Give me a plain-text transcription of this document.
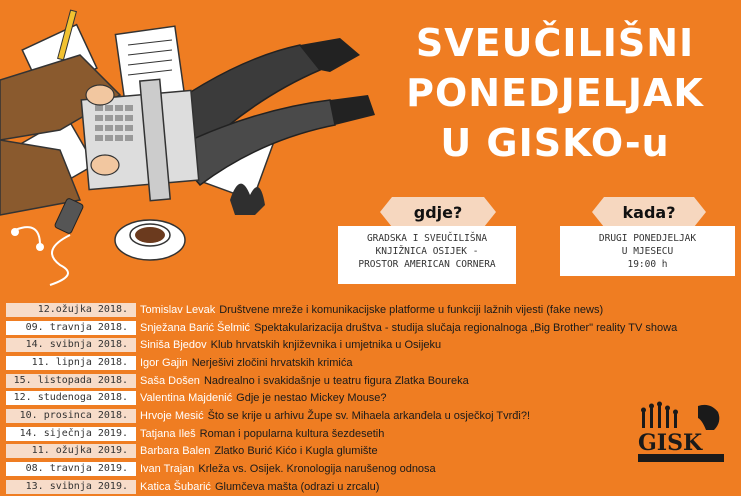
SVEUČILIŠNI
PONEDJELJAK
U GISKO-u
gdje?
GRADSKA I SVEUČILIŠNA
KNJIŽNICA OSIJEK -
PROSTOR AMERICAN CORNERA
kada?
DRUGI PONEDJELJAK
U MJESECU
19:00 h
12.ožujka 2018.	Tomislav Levak Društvene mreže i komunikacijske platforme u funkciji lažnih vijesti (fake news)
09. travnja 2018.	Snježana Barić Šelmić Spektakularizacija društva - studija slučaja regionalnoga „Big Brother" reality TV showa
14. svibnja 2018.	Siniša Bjedov Klub hrvatskih književnika i umjetnika u Osijeku
11. lipnja 2018.	Igor Gajin Nerješivi zločini hrvatskih krimića
15. listopada 2018.	Saša Došen Nadrealno i svakidašnje u teatru figura Zlatka Boureka
12. studenoga 2018.	Valentina Majdenić Gdje je nestao Mickey Mouse?
10. prosinca 2018.	Hrvoje Mesić Što se krije u arhivu Župe sv. Mihaela arkanđela u osječkoj Tvrđi?!
14. siječnja 2019.	Tatjana Ileš Roman i popularna kultura šezdesetih
11. ožujka 2019.	Barbara Balen Zlatko Burić Kićo i Kugla glumište
08. travnja 2019.	Ivan Trajan Krleža vs. Osijek. Kronologija narušenog odnosa
13. svibnja 2019.	Katica Šubarić Glumčeva mašta (odrazi u zrcalu)
GISK
